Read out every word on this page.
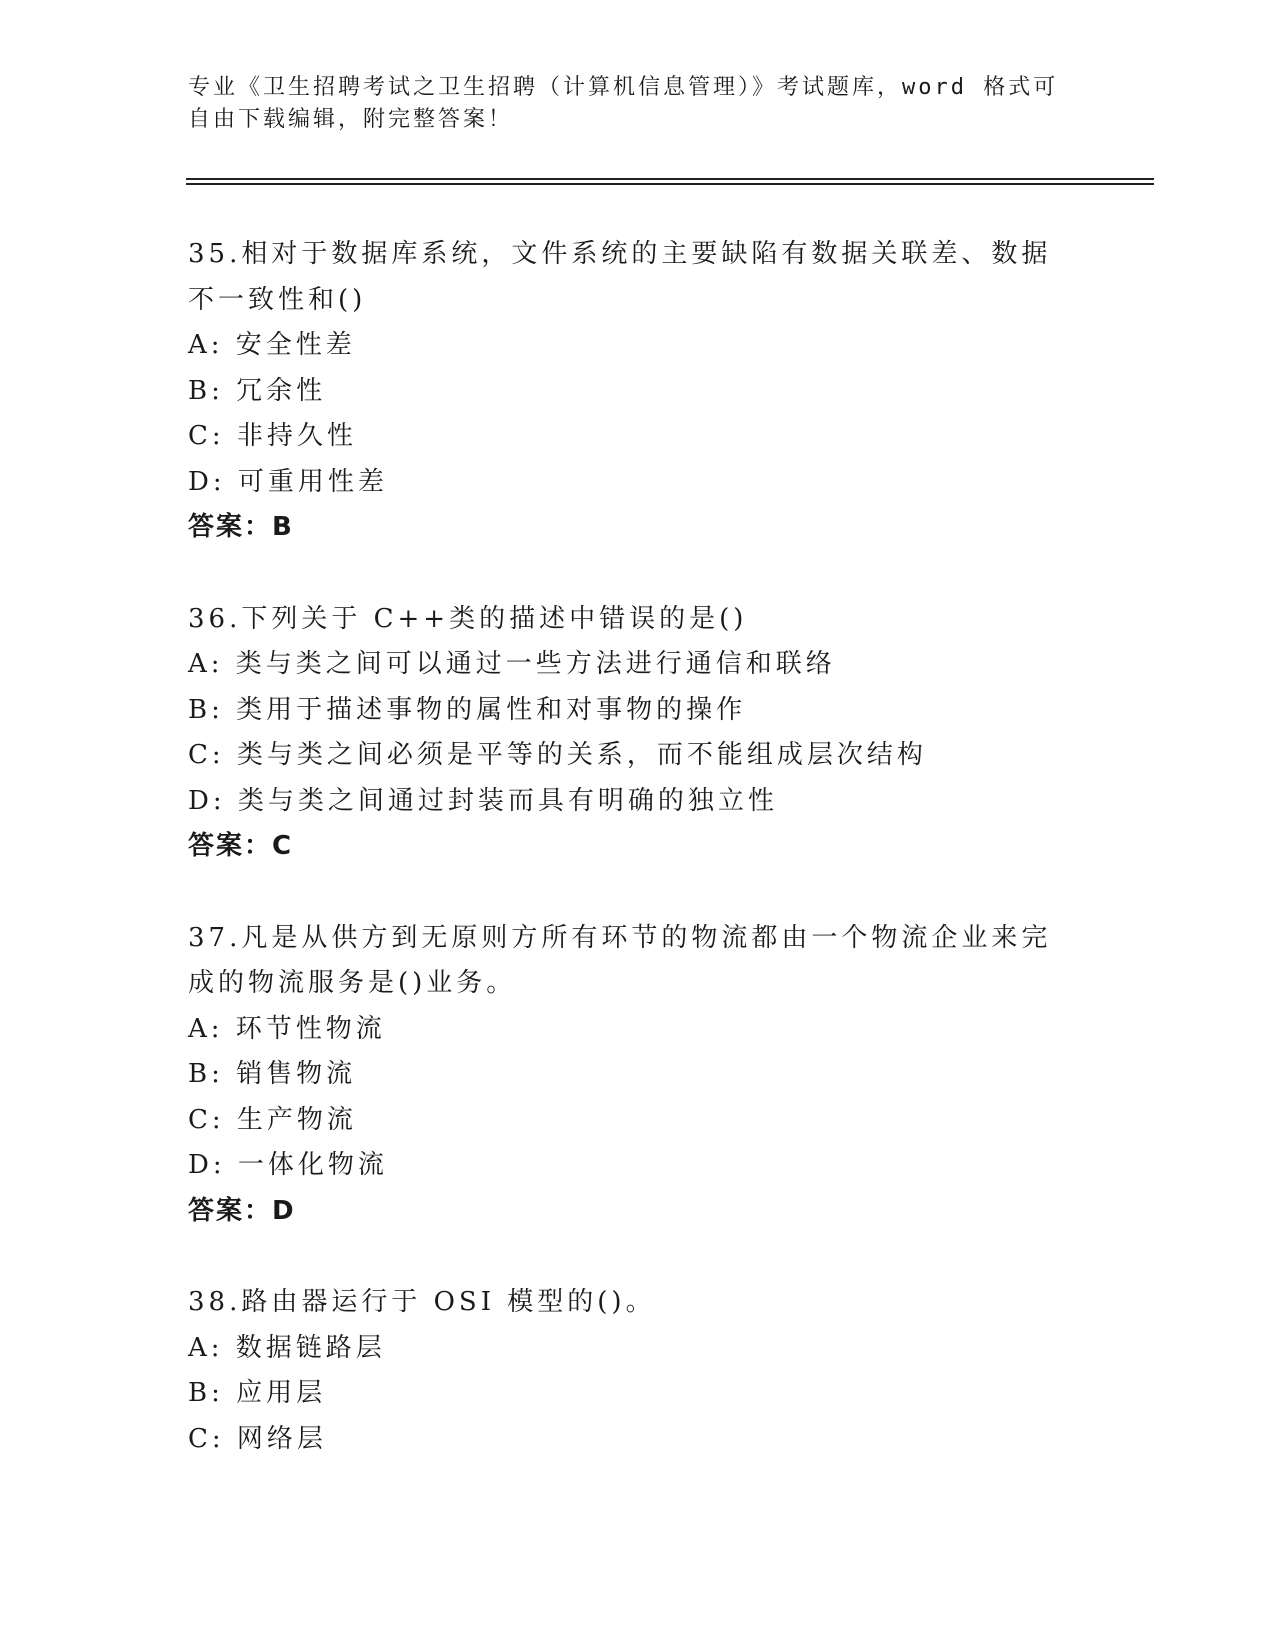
专业《卫生招聘考试之卫生招聘（计算机信息管理）》考试题库，word 格式可自由下载编辑，附完整答案！
35.相对于数据库系统，文件系统的主要缺陷有数据关联差、数据不一致性和()
A: 安全性差
B: 冗余性
C: 非持久性
D: 可重用性差
答案：B
36.下列关于 C++类的描述中错误的是()
A: 类与类之间可以通过一些方法进行通信和联络
B: 类用于描述事物的属性和对事物的操作
C: 类与类之间必须是平等的关系，而不能组成层次结构
D: 类与类之间通过封装而具有明确的独立性
答案：C
37.凡是从供方到无原则方所有环节的物流都由一个物流企业来完成的物流服务是()业务。
A: 环节性物流
B: 销售物流
C: 生产物流
D: 一体化物流
答案：D
38.路由器运行于 OSI 模型的()。
A: 数据链路层
B: 应用层
C: 网络层
